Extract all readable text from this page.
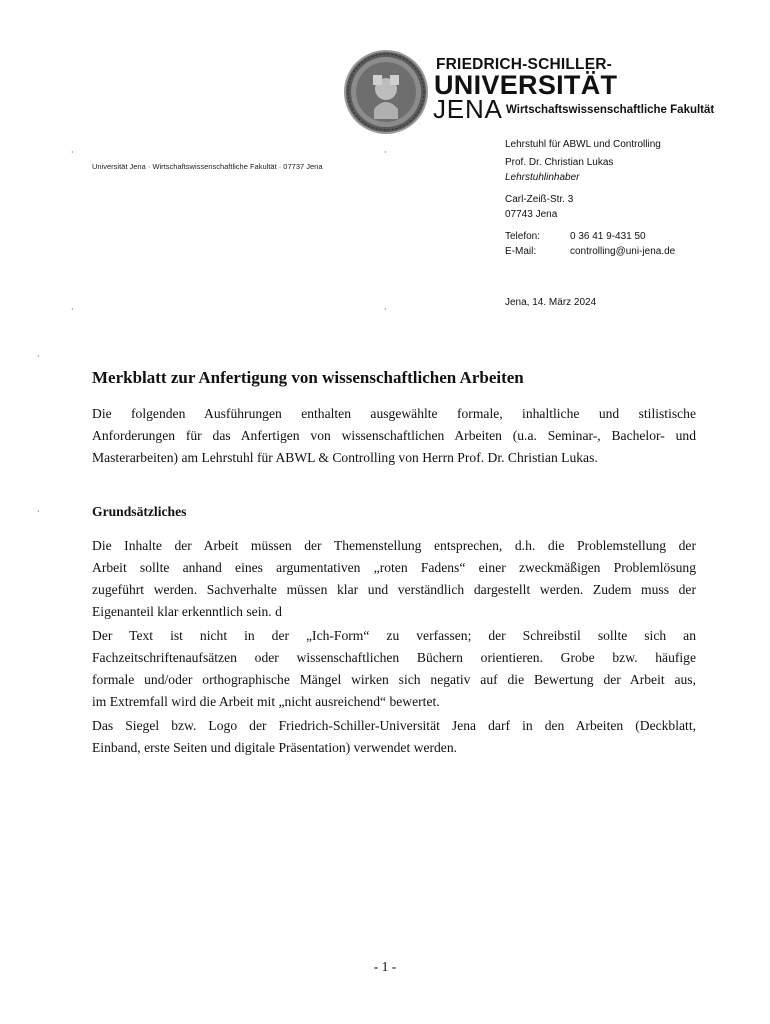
FRIEDRICH-SCHILLER-
UNIVERSITÄT
JENA Wirtschaftswissenschaftliche Fakultät
·	·
·	·
·
·
Universität Jena · Wirtschaftswissenschaftliche Fakultät · 07737 Jena
Lehrstuhl für ABWL und Controlling
Prof. Dr. Christian Lukas
Lehrstuhlinhaber
Carl-Zeiß-Str. 3
07743 Jena
Telefon:	0 36 41 9-431 50
E-Mail:	controlling@uni-jena.de
Jena, 14. März 2024
Merkblatt zur Anfertigung von wissenschaftlichen Arbeiten
Die folgenden Ausführungen enthalten ausgewählte formale, inhaltliche und stilistische
Anforderungen für das Anfertigen von wissenschaftlichen Arbeiten (u.a. Seminar-, Bachelor- und
Masterarbeiten) am Lehrstuhl für ABWL & Controlling von Herrn Prof. Dr. Christian Lukas.
Grundsätzliches
Die Inhalte der Arbeit müssen der Themenstellung entsprechen, d.h. die Problemstellung der
Arbeit sollte anhand eines argumentativen „roten Fadens“ einer zweckmäßigen Problemlösung
zugeführt werden. Sachverhalte müssen klar und verständlich dargestellt werden. Zudem muss der
Eigenanteil klar erkenntlich sein. d
Der Text ist nicht in der „Ich-Form“ zu verfassen; der Schreibstil sollte sich an
Fachzeitschriftenaufsätzen oder wissenschaftlichen Büchern orientieren. Grobe bzw. häufige
formale und/oder orthographische Mängel wirken sich negativ auf die Bewertung der Arbeit aus,
im Extremfall wird die Arbeit mit „nicht ausreichend“ bewertet.
Das Siegel bzw. Logo der Friedrich-Schiller-Universität Jena darf in den Arbeiten (Deckblatt,
Einband, erste Seiten und digitale Präsentation) verwendet werden.
- 1 -
